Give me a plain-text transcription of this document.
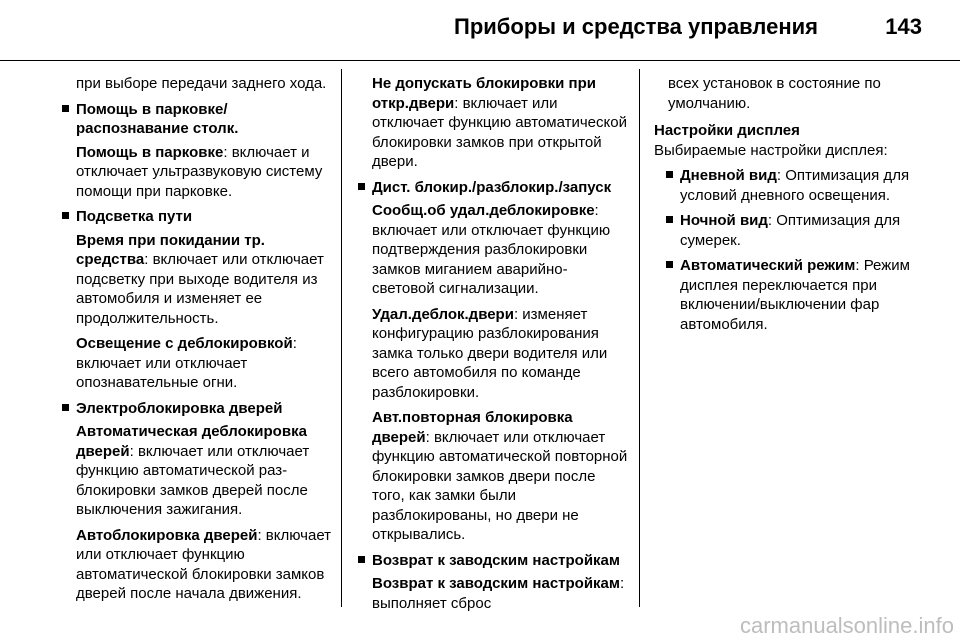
Приборы и средства управления	143

при выборе передачи заднего хода.

Помощь в парковке/ распознавание столк.

Помощь в парковке: включает и отключает ультразвуковую систему помощи при парковке.

Подсветка пути

Время при покидании тр. средства: включает или отключает подсветку при выходе водителя из автомобиля и изменяет ее продолжительность.

Освещение с деблокировкой: включает или отключает опознавательные огни.

Электроблокировка дверей

Автоматическая деблокировка дверей: включает или отключает функцию автоматической раз-блокировки замков дверей после выключения зажигания.

Автоблокировка дверей: включает или отключает функцию автоматической блокировки замков дверей после начала движения.

Не допускать блокировки при откр.двери: включает или отключает функцию автоматической блокировки замков при открытой двери.

Дист. блокир./разблокир./запуск

Сообщ.об удал.деблокировке: включает или отключает функцию подтверждения разблокировки замков миганием аварийно-световой сигнализации.

Удал.деблок.двери: изменяет конфигурацию разблокирования замка только двери водителя или всего автомобиля по команде разблокировки.

Авт.повторная блокировка дверей: включает или отключает функцию автоматической повторной блокировки замков двери после того, как замки были разблокированы, но двери не открывались.

Возврат к заводским настройкам

Возврат к заводским настройкам: выполняет сброс

всех установок в состояние по умолчанию.

Настройки дисплея

Выбираемые настройки дисплея:

Дневной вид: Оптимизация для условий дневного освещения.
Ночной вид: Оптимизация для сумерек.
Автоматический режим: Режим дисплея переключается при включении/выключении фар автомобиля.
carmanualsonline.info
